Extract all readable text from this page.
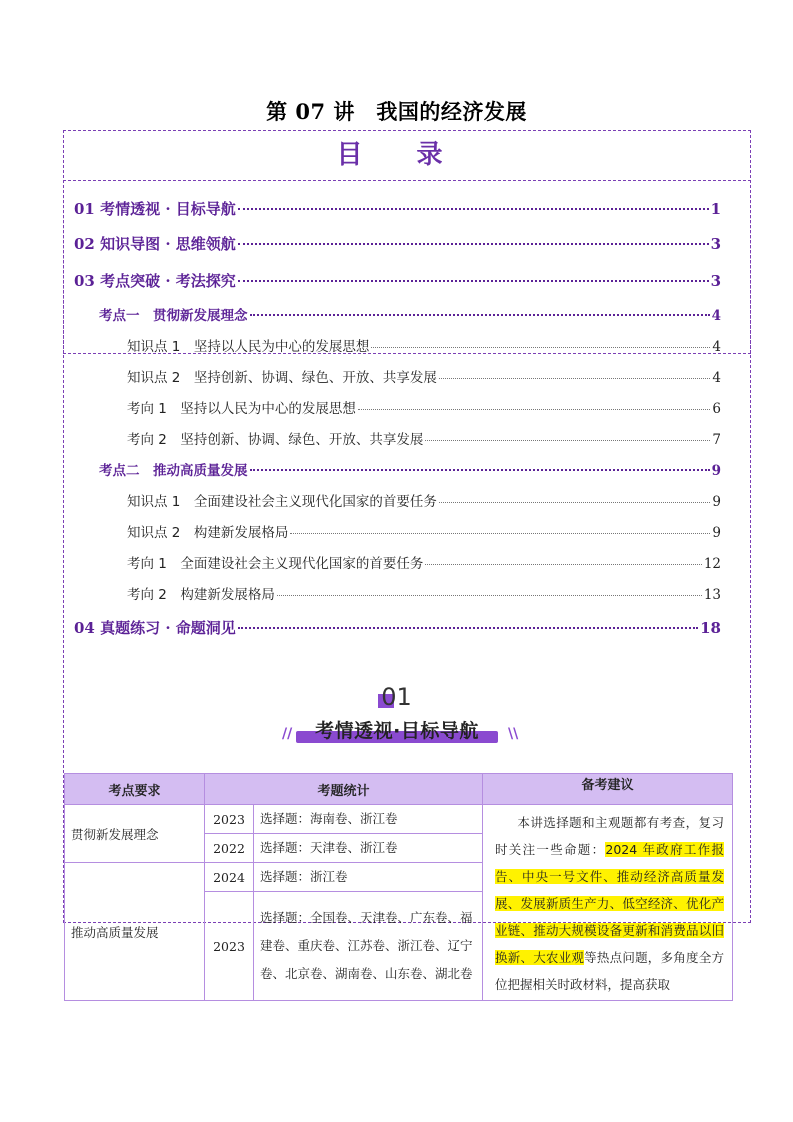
第 07 讲　我国的经济发展
目　录
01 考情透视 · 目标导航	1
02 知识导图 · 思维领航	3
03 考点突破 · 考法探究	3
考点一　贯彻新发展理念	4
知识点 1　坚持以人民为中心的发展思想	4
知识点 2　坚持创新、协调、绿色、开放、共享发展	4
考向 1　坚持以人民为中心的发展思想	6
考向 2　坚持创新、协调、绿色、开放、共享发展	7
考点二　推动高质量发展	9
知识点 1　全面建设社会主义现代化国家的首要任务	9
知识点 2　构建新发展格局	9
考向 1　全面建设社会主义现代化国家的首要任务	12
考向 2　构建新发展格局	13
04 真题练习 · 命题洞见	18
01
//	考情透视·目标导航	\\
考点要求	考题统计		备考建议
贯彻新发展理念	2023	选择题：海南卷、浙江卷	本讲选择题和主观题都有考查，复习时关注一些命题：2024 年政府工作报告、中央一号文件、推动经济高质量发展、发展新质生产力、低空经济、优化产业链、推动大规模设备更新和消费品以旧换新、大农业观等热点问题，多角度全方位把握相关时政材料，提高获取

	2022	选择题：天津卷、浙江卷	
推动高质量发展	2024	选择题：浙江卷	
	2023	选择题：全国卷、天津卷、广东卷、福建卷、重庆卷、江苏卷、浙江卷、辽宁卷、北京卷、湖南卷、山东卷、湖北卷	
